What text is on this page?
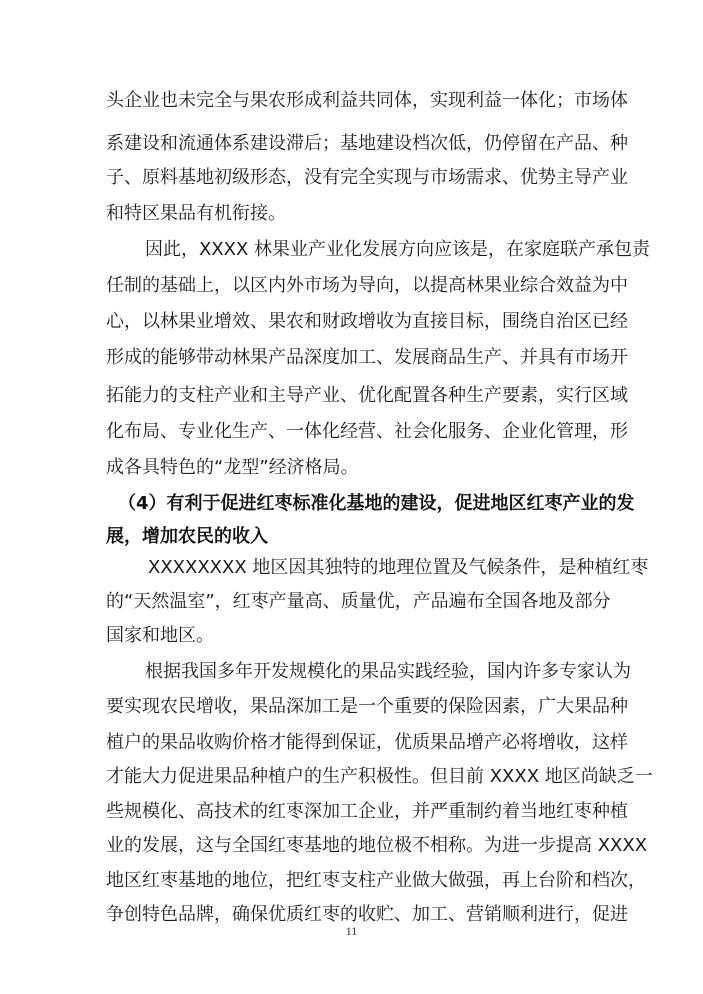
头企业也未完全与果农形成利益共同体，实现利益一体化；市场体
系建设和流通体系建设滞后；基地建设档次低，仍停留在产品、种
子、原料基地初级形态，没有完全实现与市场需求、优势主导产业
和特区果品有机衔接。
因此，XXXX 林果业产业化发展方向应该是，在家庭联产承包责
任制的基础上，以区内外市场为导向，以提高林果业综合效益为中
心，以林果业增效、果农和财政增收为直接目标，围绕自治区已经
形成的能够带动林果产品深度加工、发展商品生产、并具有市场开
拓能力的支柱产业和主导产业、优化配置各种生产要素，实行区域
化布局、专业化生产、一体化经营、社会化服务、企业化管理，形
成各具特色的“龙型”经济格局。
（4）有利于促进红枣标准化基地的建设，促进地区红枣产业的发
展，增加农民的收入
XXXXXXXX 地区因其独特的地理位置及气候条件，是种植红枣
的“天然温室”，红枣产量高、质量优，产品遍布全国各地及部分
国家和地区。
根据我国多年开发规模化的果品实践经验，国内许多专家认为
要实现农民增收，果品深加工是一个重要的保险因素，广大果品种
植户的果品收购价格才能得到保证，优质果品增产必将增收，这样
才能大力促进果品种植户的生产积极性。但目前 XXXX 地区尚缺乏一
些规模化、高技术的红枣深加工企业，并严重制约着当地红枣种植
业的发展，这与全国红枣基地的地位极不相称。为进一步提高 XXXX
地区红枣基地的地位，把红枣支柱产业做大做强，再上台阶和档次，
争创特色品牌，确保优质红枣的收贮、加工、营销顺利进行，促进
11
